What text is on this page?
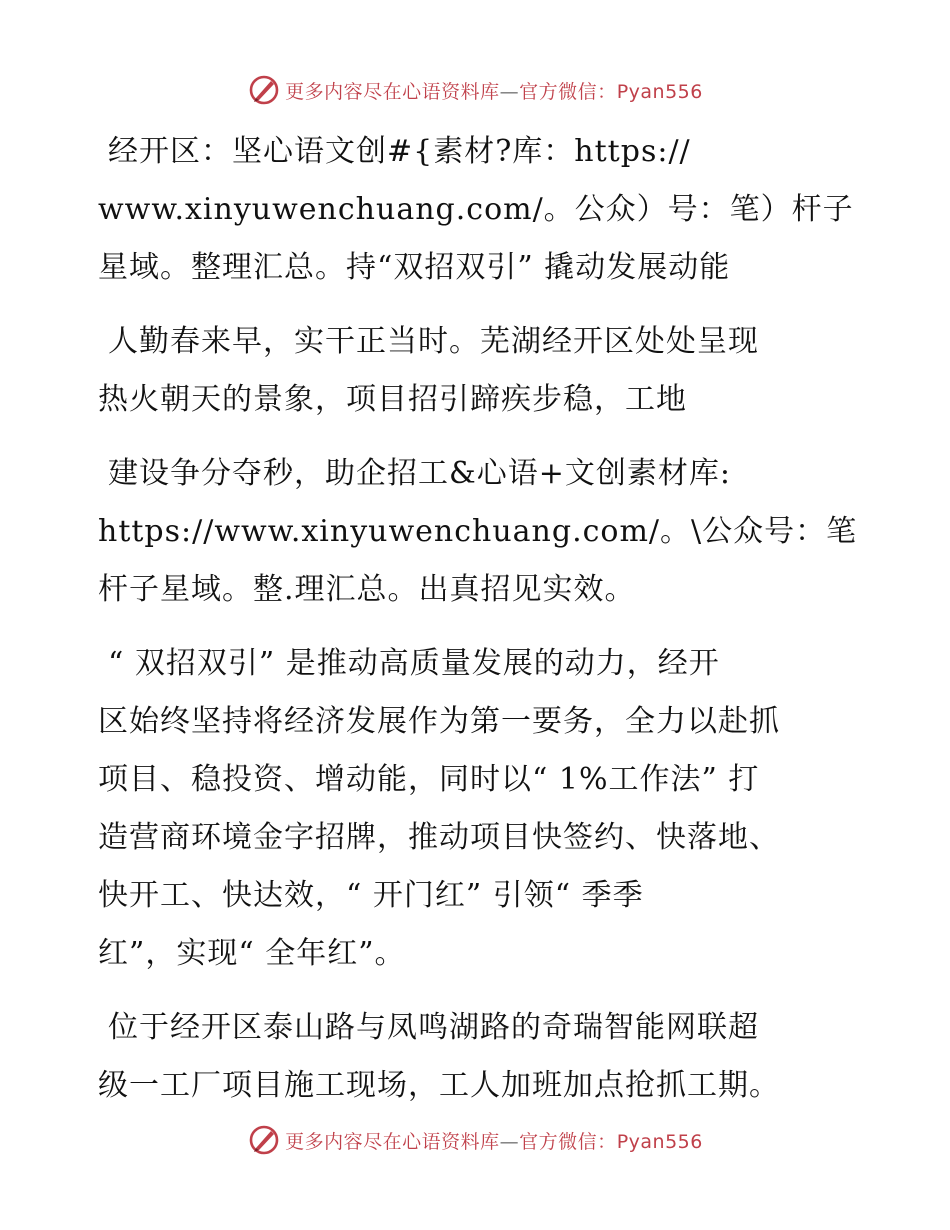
更多内容尽在心语资料库—官方微信：Pyan556
经开区：坚心语文创#{素材?库：https://
www.xinyuwenchuang.com/。公众）号：笔）杆子
星域。整理汇总。持“双招双引” 撬动发展动能
人勤春来早，实干正当时。芜湖经开区处处呈现
热火朝天的景象，项目招引蹄疾步稳，工地
建设争分夺秒，助企招工&心语+文创素材库:
https://www.xinyuwenchuang.com/。\公众号：笔
杆子星域。整.理汇总。出真招见实效。
“ 双招双引” 是推动高质量发展的动力，经开
区始终坚持将经济发展作为第一要务，全力以赴抓
项目、稳投资、增动能，同时以“ 1%工作法” 打
造营商环境金字招牌，推动项目快签约、快落地、
快开工、快达效，“ 开门红” 引领“ 季季
红”，实现“ 全年红”。
位于经开区泰山路与凤鸣湖路的奇瑞智能网联超
级一工厂项目施工现场，工人加班加点抢抓工期。
更多内容尽在心语资料库—官方微信：Pyan556
